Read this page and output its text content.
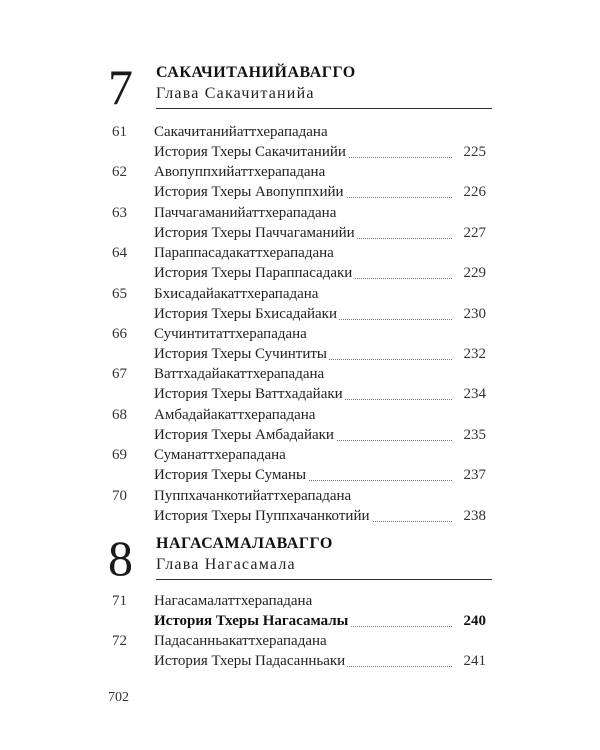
7 САКАЧИТАНИЙАВАГГО
Глава Сакачитанийа
61 Сакачитанийаттхерападана
История Тхеры Сакачитанийи	225
62 Авопуппхийаттхерападана
История Тхеры Авопуппхийи	226
63 Паччагаманийаттхерападана
История Тхеры Паччагаманийи	227
64 Параппасадакаттхерападана
История Тхеры Параппасадаки	229
65 Бхисадайакаттхерападана
История Тхеры Бхисадайаки	230
66 Сучинтитаттхерападана
История Тхеры Сучинтиты	232
67 Ваттхадайакаттхерападана
История Тхеры Ваттхадайаки	234
68 Амбадайакаттхерападана
История Тхеры Амбадайаки	235
69 Суманаттхерападана
История Тхеры Суманы	237
70 Пуппхачанкотийаттхерападана
История Тхеры Пуппхачанкотийи	238
8 НАГАСАМАЛАВАГГО
Глава Нагасамала
71 Нагасамалаттхерападана
История Тхеры Нагасамалы	240
72 Падасанньакаттхерападана
История Тхеры Падасанньаки	241
702
